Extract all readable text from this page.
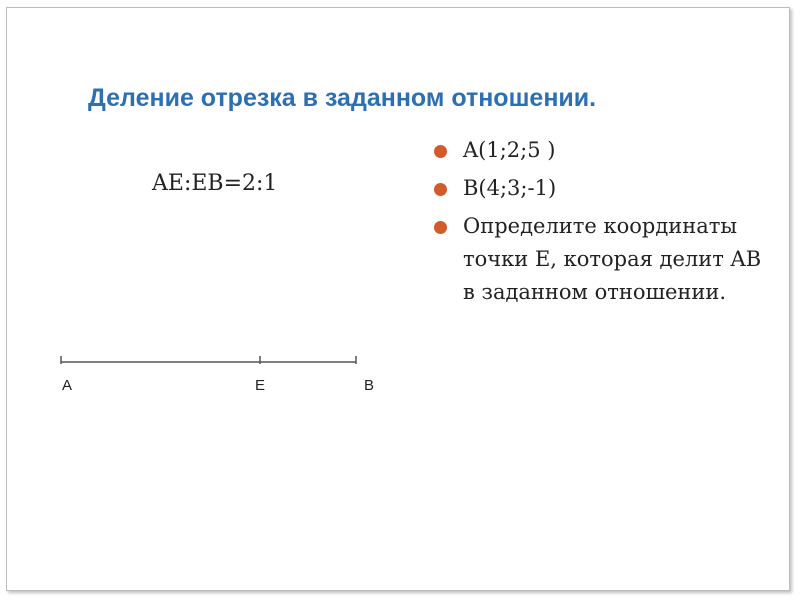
Деление отрезка в заданном отношении.
AE:EB=2:1
A(1;2;5 )
B(4;3;-1)
Определите координаты точки E, которая делит AB в заданном отношении.
A	E	B
